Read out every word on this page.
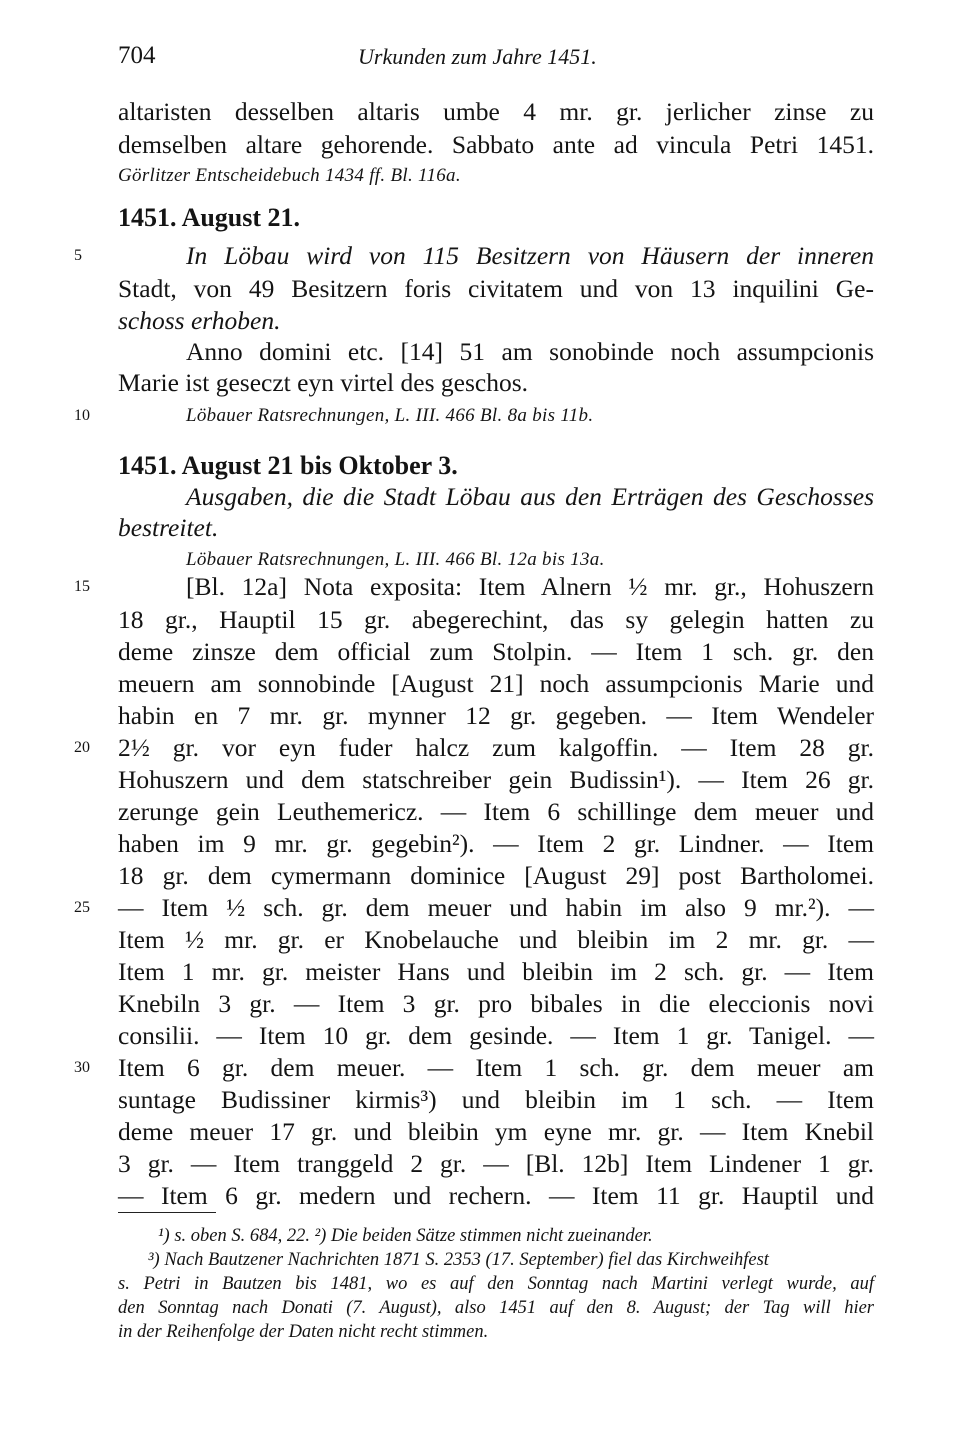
704	Urkunden zum Jahre 1451.
altaristen desselben altaris umbe 4 mr. gr. jerlicher zinse zu
demselben altare gehorende. Sabbato ante ad vincula Petri 1451.
Görlitzer Entscheidebuch 1434 ff. Bl. 116a.
1451. August 21.
In Löbau wird von 115 Besitzern von Häusern der inneren
Stadt, von 49 Besitzern foris civitatem und von 13 inquilini Ge-
schoss erhoben.
Anno domini etc. [14] 51 am sonobinde noch assumpcionis
Marie ist geseczt eyn virtel des geschos.
Löbauer Ratsrechnungen, L. III. 466 Bl. 8a bis 11b.
1451. August 21 bis Oktober 3.
Ausgaben, die die Stadt Löbau aus den Erträgen des Geschosses
bestreitet.
Löbauer Ratsrechnungen, L. III. 466 Bl. 12a bis 13a.
[Bl. 12a] Nota exposita: Item Alnern ½ mr. gr., Hohuszern
18 gr., Hauptil 15 gr. abegerechint, das sy gelegin hatten zu
deme zinsze dem official zum Stolpin. — Item 1 sch. gr. den
meuern am sonnobinde [August 21] noch assumpcionis Marie und
habin en 7 mr. gr. mynner 12 gr. gegeben. — Item Wendeler
2½ gr. vor eyn fuder halcz zum kalgoffin. — Item 28 gr.
Hohuszern und dem statschreiber gein Budissin¹). — Item 26 gr.
zerunge gein Leuthemericz. — Item 6 schillinge dem meuer und
haben im 9 mr. gr. gegebin²). — Item 2 gr. Lindner. — Item
18 gr. dem cymermann dominice [August 29] post Bartholomei.
— Item ½ sch. gr. dem meuer und habin im also 9 mr.²). —
Item ½ mr. gr. er Knobelauche und bleibin im 2 mr. gr. —
Item 1 mr. gr. meister Hans und bleibin im 2 sch. gr. — Item
Knebiln 3 gr. — Item 3 gr. pro bibales in die eleccionis novi
consilii. — Item 10 gr. dem gesinde. — Item 1 gr. Tanigel. —
Item 6 gr. dem meuer. — Item 1 sch. gr. dem meuer am
suntage Budissiner kirmis³) und bleibin im 1 sch. — Item
deme meuer 17 gr. und bleibin ym eyne mr. gr. — Item Knebil
3 gr. — Item tranggeld 2 gr. — [Bl. 12b] Item Lindener 1 gr.
— Item 6 gr. medern und rechern. — Item 11 gr. Hauptil und
5
10
15
20
25
30
¹) s. oben S. 684, 22. ²) Die beiden Sätze stimmen nicht zueinander.
³) Nach Bautzener Nachrichten 1871 S. 2353 (17. September) fiel das Kirchweihfest
s. Petri in Bautzen bis 1481, wo es auf den Sonntag nach Martini verlegt wurde, auf
den Sonntag nach Donati (7. August), also 1451 auf den 8. August; der Tag will hier
in der Reihenfolge der Daten nicht recht stimmen.
